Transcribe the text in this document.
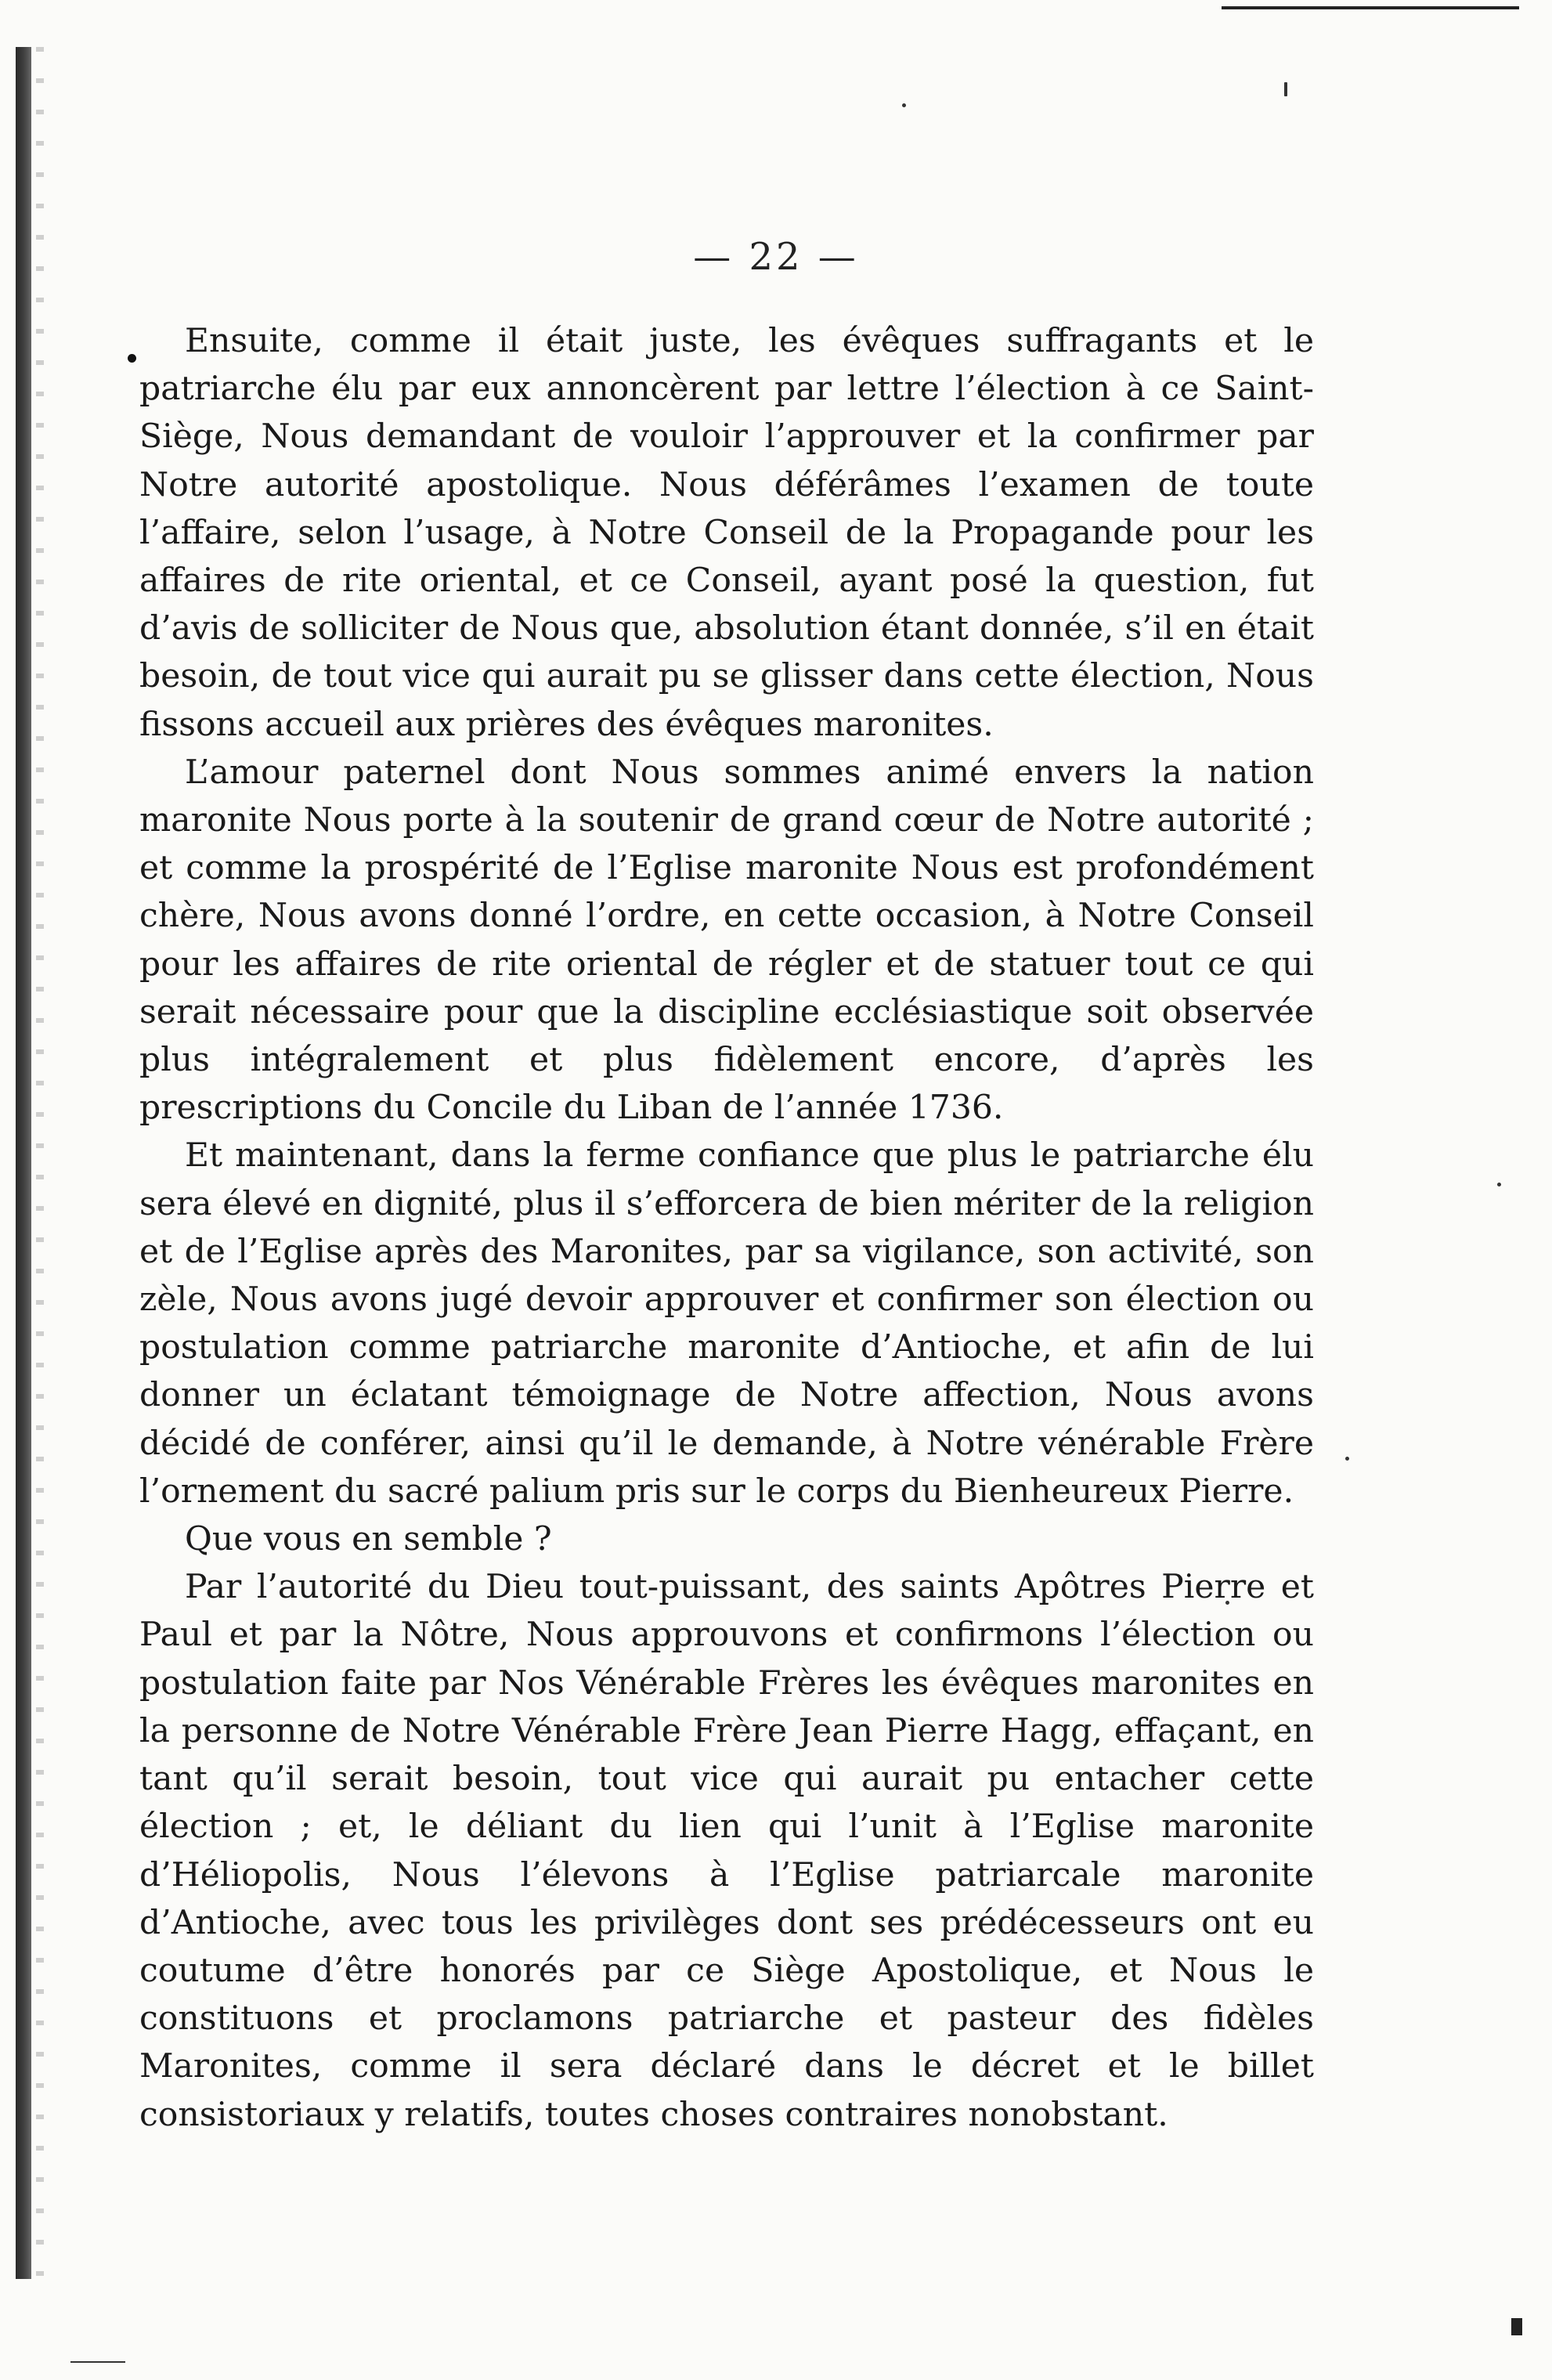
— 22 —

Ensuite, comme il était juste, les évêques suffragants et le patriarche élu par eux annoncèrent par lettre l’élection à ce Saint-Siège, Nous demandant de vouloir l’approuver et la confirmer par Notre autorité apostolique. Nous déférâmes l’examen de toute l’affaire, selon l’usage, à Notre Conseil de la Propagande pour les affaires de rite oriental, et ce Conseil, ayant posé la question, fut d’avis de solliciter de Nous que, absolution étant donnée, s’il en était besoin, de tout vice qui aurait pu se glisser dans cette élection, Nous fissons accueil aux prières des évêques maronites.

L’amour paternel dont Nous sommes animé envers la nation maronite Nous porte à la soutenir de grand cœur de Notre autorité ; et comme la prospérité de l’Eglise maronite Nous est profondément chère, Nous avons donné l’ordre, en cette occasion, à Notre Conseil pour les affaires de rite oriental de régler et de statuer tout ce qui serait nécessaire pour que la discipline ecclésiastique soit observée plus intégralement et plus fidèlement encore, d’après les prescriptions du Concile du Liban de l’année 1736.

Et maintenant, dans la ferme confiance que plus le patriarche élu sera élevé en dignité, plus il s’efforcera de bien mériter de la religion et de l’Eglise après des Maronites, par sa vigilance, son activité, son zèle, Nous avons jugé devoir approuver et confirmer son élection ou postulation comme patriarche maronite d’Antioche, et afin de lui donner un éclatant témoignage de Notre affection, Nous avons décidé de conférer, ainsi qu’il le demande, à Notre vénérable Frère l’ornement du sacré palium pris sur le corps du Bienheureux Pierre.

Que vous en semble ?

Par l’autorité du Dieu tout-puissant, des saints Apôtres Pierre et Paul et par la Nôtre, Nous approuvons et confirmons l’élection ou postulation faite par Nos Vénérable Frères les évêques maronites en la personne de Notre Vénérable Frère Jean Pierre Hagg, effaçant, en tant qu’il serait besoin, tout vice qui aurait pu entacher cette élection ; et, le déliant du lien qui l’unit à l’Eglise maronite d’Héliopolis, Nous l’élevons à l’Eglise patriarcale maronite d’Antioche, avec tous les privilèges dont ses prédécesseurs ont eu coutume d’être honorés par ce Siège Apostolique, et Nous le constituons et proclamons patriarche et pasteur des fidèles Maronites, comme il sera déclaré dans le décret et le billet consistoriaux y relatifs, toutes choses contraires nonobstant.
